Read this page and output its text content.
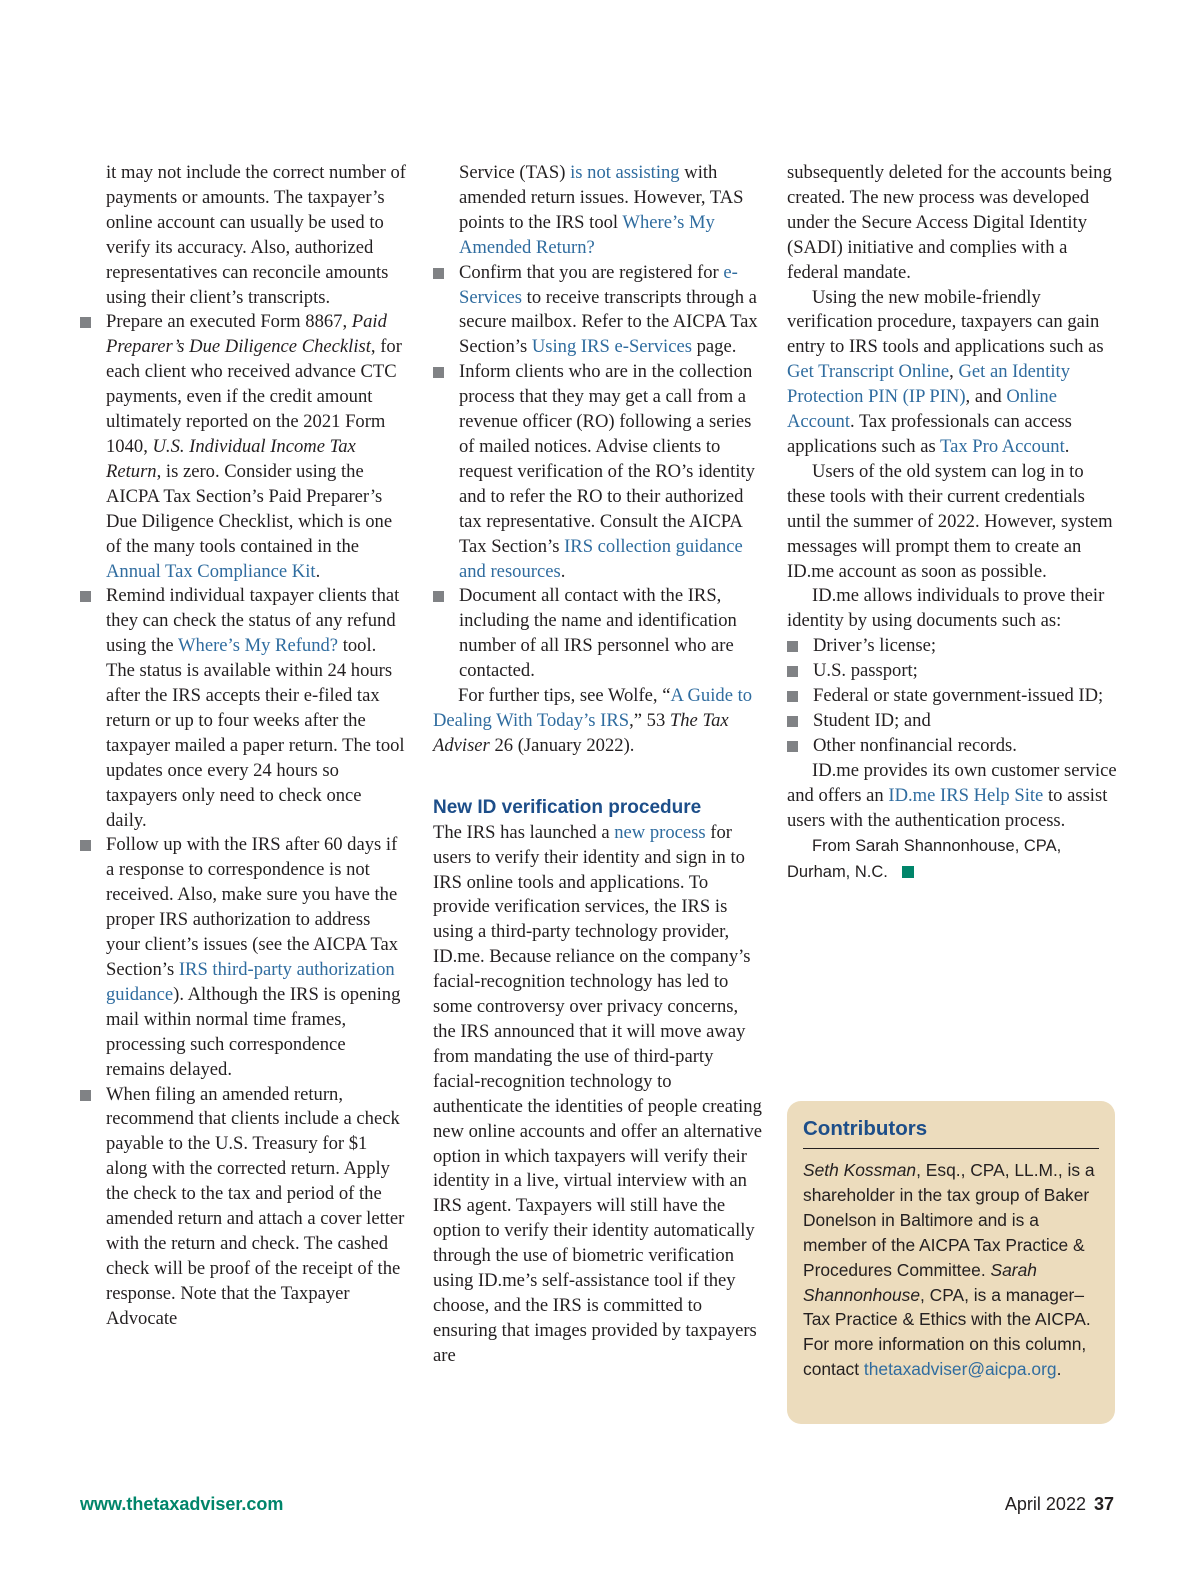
it may not include the correct number of payments or amounts. The taxpayer’s online account can usually be used to verify its accuracy. Also, authorized representatives can reconcile amounts using their client’s transcripts.
Prepare an executed Form 8867, Paid Preparer’s Due Diligence Checklist, for each client who received advance CTC payments, even if the credit amount ultimately reported on the 2021 Form 1040, U.S. Individual Income Tax Return, is zero. Consider using the AICPA Tax Section’s Paid Preparer’s Due Diligence Checklist, which is one of the many tools contained in the Annual Tax Compliance Kit.
Remind individual taxpayer clients that they can check the status of any refund using the Where’s My Refund? tool. The status is available within 24 hours after the IRS accepts their e-filed tax return or up to four weeks after the taxpayer mailed a paper return. The tool updates once every 24 hours so taxpayers only need to check once daily.
Follow up with the IRS after 60 days if a response to correspondence is not received. Also, make sure you have the proper IRS authorization to address your client’s issues (see the AICPA Tax Section’s IRS third-party authorization guidance). Although the IRS is opening mail within normal time frames, processing such correspondence remains delayed.
When filing an amended return, recommend that clients include a check payable to the U.S. Treasury for $1 along with the corrected return. Apply the check to the tax and period of the amended return and attach a cover letter with the return and check. The cashed check will be proof of the receipt of the response. Note that the Taxpayer Advocate
Service (TAS) is not assisting with amended return issues. However, TAS points to the IRS tool Where’s My Amended Return?
Confirm that you are registered for e-Services to receive transcripts through a secure mailbox. Refer to the AICPA Tax Section’s Using IRS e-Services page.
Inform clients who are in the collection process that they may get a call from a revenue officer (RO) following a series of mailed notices. Advise clients to request verification of the RO’s identity and to refer the RO to their authorized tax representative. Consult the AICPA Tax Section’s IRS collection guidance and resources.
Document all contact with the IRS, including the name and identification number of all IRS personnel who are contacted.

For further tips, see Wolfe, “A Guide to Dealing With Today’s IRS,” 53 The Tax Adviser 26 (January 2022).

New ID verification procedure

The IRS has launched a new process for users to verify their identity and sign in to IRS online tools and applications. To provide verification services, the IRS is using a third-party technology provider, ID.me. Because reliance on the company’s facial-recognition technology has led to some controversy over privacy concerns, the IRS announced that it will move away from mandating the use of third-party facial-recognition technology to authenticate the identities of people creating new online accounts and offer an alternative option in which taxpayers will verify their identity in a live, virtual interview with an IRS agent. Taxpayers will still have the option to verify their identity automatically through the use of biometric verification using ID.me’s self-assistance tool if they choose, and the IRS is committed to ensuring that images provided by taxpayers are

subsequently deleted for the accounts being created. The new process was developed under the Secure Access Digital Identity (SADI) initiative and complies with a federal mandate.

Using the new mobile-friendly verification procedure, taxpayers can gain entry to IRS tools and applications such as Get Transcript Online, Get an Identity Protection PIN (IP PIN), and Online Account. Tax professionals can access applications such as Tax Pro Account.

Users of the old system can log in to these tools with their current credentials until the summer of 2022. However, system messages will prompt them to create an ID.me account as soon as possible.

ID.me allows individuals to prove their identity by using documents such as:

Driver’s license;
U.S. passport;
Federal or state government-issued ID;
Student ID; and
Other nonfinancial records.

ID.me provides its own customer service and offers an ID.me IRS Help Site to assist users with the authentication process.

From Sarah Shannonhouse, CPA,
Durham, N.C.
Contributors
Seth Kossman, Esq., CPA, LL.M., is a shareholder in the tax group of Baker Donelson in Baltimore and is a member of the AICPA Tax Practice & Procedures Committee. Sarah Shannonhouse, CPA, is a manager–Tax Practice & Ethics with the AICPA. For more information on this column, contact thetaxadviser@aicpa.org.
www.thetaxadviser.com	April 2022 37
